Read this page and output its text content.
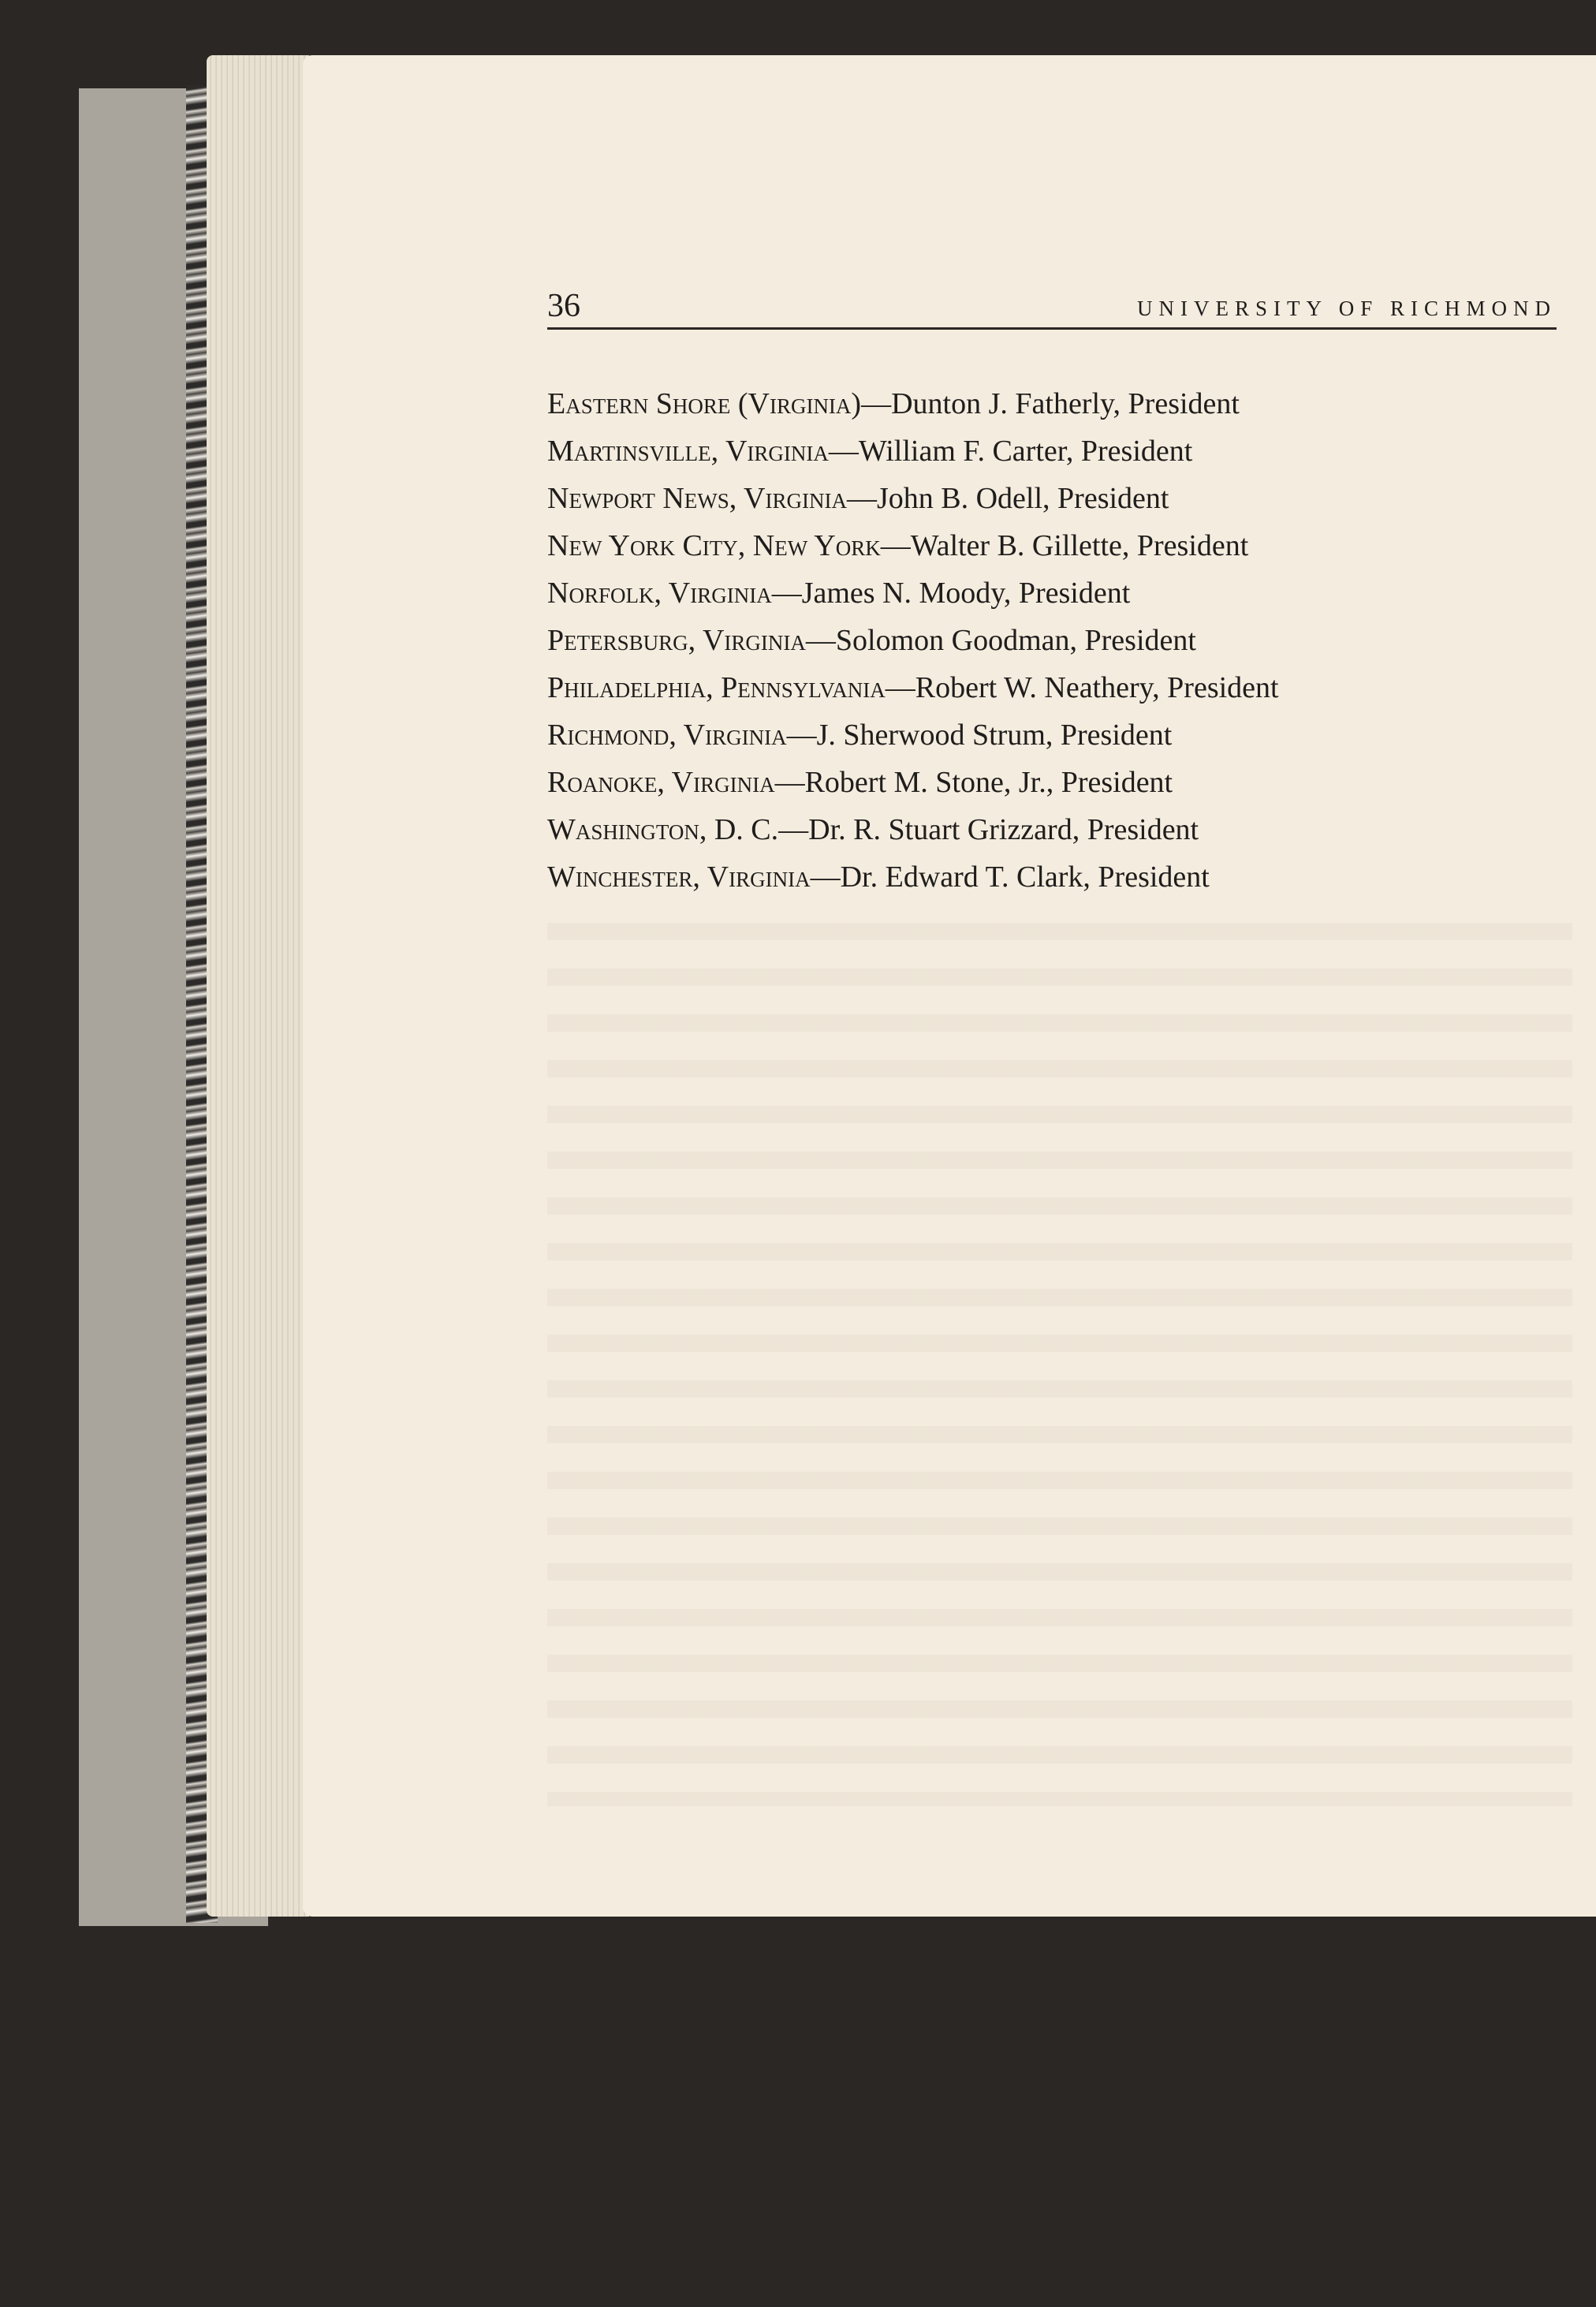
36	UNIVERSITY OF RICHMOND
Eastern Shore (Virginia)—Dunton J. Fatherly, President
Martinsville, Virginia—William F. Carter, President
Newport News, Virginia—John B. Odell, President
New York City, New York—Walter B. Gillette, President
Norfolk, Virginia—James N. Moody, President
Petersburg, Virginia—Solomon Goodman, President
Philadelphia, Pennsylvania—Robert W. Neathery, President
Richmond, Virginia—J. Sherwood Strum, President
Roanoke, Virginia—Robert M. Stone, Jr., President
Washington, D. C.—Dr. R. Stuart Grizzard, President
Winchester, Virginia—Dr. Edward T. Clark, President
